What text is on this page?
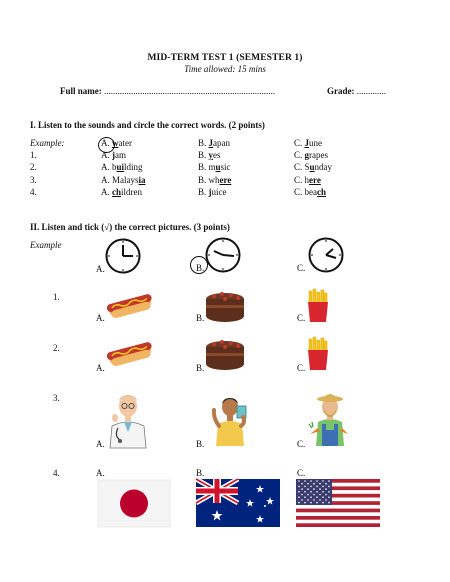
MID-TERM TEST 1 (SEMESTER 1)
Time allowed: 15 mins
Full name: ............................................................................	Grade: .............
I. Listen to the sounds and circle the correct words. (2 points)
Example:	A. water	B. Japan	C. June
1.	A. jam	B. yes	C. grapes
2.	A. building	B. music	C. Sunday
3.	A. Malaysia	B. where	C. here
4.	A. children	B. juice	C. beach
II. Listen and tick (√) the correct pictures. (3 points)
Example
A.	B.	C.
1.
A.	B.	C.
2.
A.	B.	C.
3.
A.	B.	C.
4.	A.	B.	C.
